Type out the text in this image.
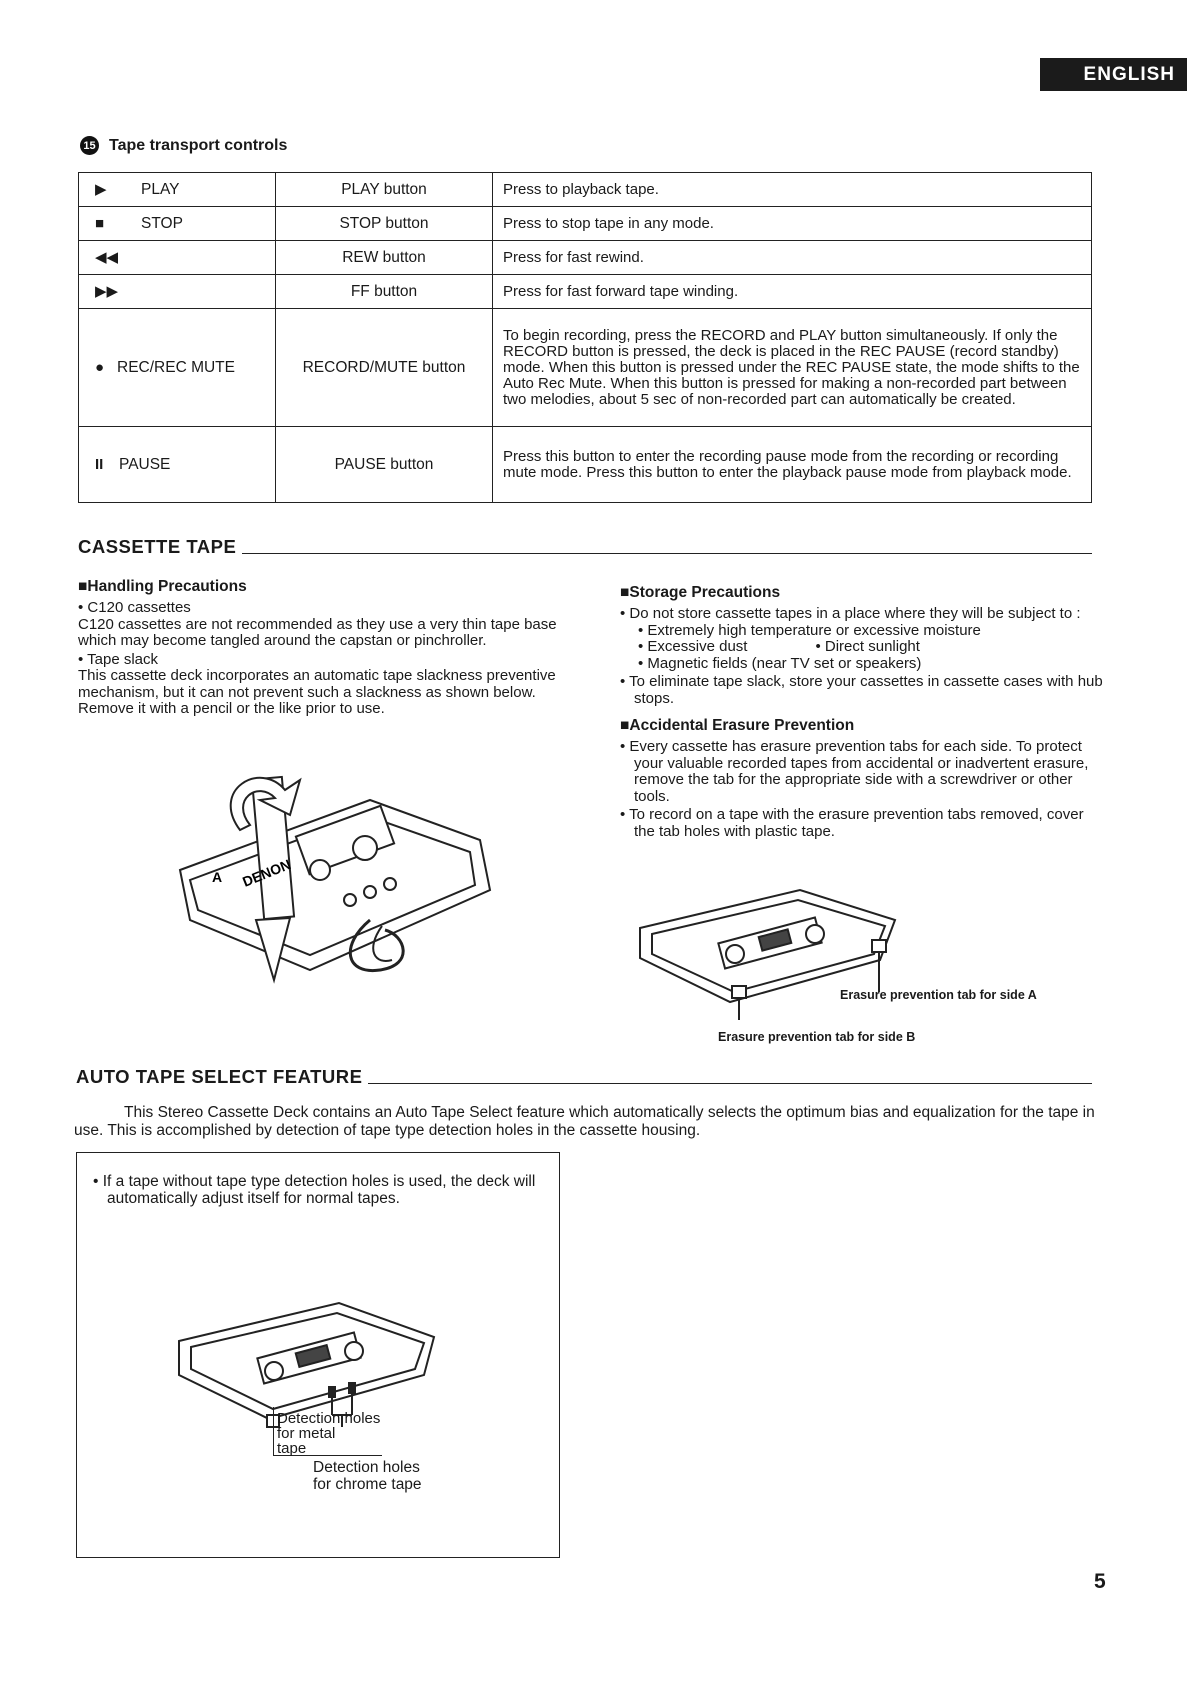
ENGLISH
15 Tape transport controls
▶ PLAY	PLAY button	Press to playback tape.
■ STOP	STOP button	Press to stop tape in any mode.
◀◀	REW button	Press for fast rewind.
▶▶	FF button	Press for fast forward tape winding.
● REC/REC MUTE	RECORD/MUTE button	To begin recording, press the RECORD and PLAY button simultaneously. If only the RECORD button is pressed, the deck is placed in the REC PAUSE (record standby) mode. When this button is pressed under the REC PAUSE state, the mode shifts to the Auto Rec Mute. When this button is pressed for making a non-recorded part between two melodies, about 5 sec of non-recorded part can automatically be created.
II PAUSE	PAUSE button	Press this button to enter the recording pause mode from the recording or recording mute mode. Press this button to enter the playback pause mode from playback mode.
CASSETTE TAPE
■Handling Precautions
• C120 cassettes
C120 cassettes are not recommended as they use a very thin tape base which may become tangled around the capstan or pinchroller.
• Tape slack
This cassette deck incorporates an automatic tape slackness preventive mechanism, but it can not prevent such a slackness as shown below. Remove it with a pencil or the like prior to use.
■Storage Precautions
• Do not store cassette tapes in a place where they will be subject to :
• Extremely high temperature or excessive moisture
• Excessive dust	• Direct sunlight
• Magnetic fields (near TV set or speakers)
• To eliminate tape slack, store your cassettes in cassette cases with hub stops.
■Accidental Erasure Prevention
• Every cassette has erasure prevention tabs for each side. To protect your valuable recorded tapes from accidental or inadvertent erasure, remove the tab for the appropriate side with a screwdriver or other tools.
• To record on a tape with the erasure prevention tabs removed, cover the tab holes with plastic tape.
DENON
A
Erasure prevention tab for side A
Erasure prevention tab for side B
AUTO TAPE SELECT FEATURE
This Stereo Cassette Deck contains an Auto Tape Select feature which automatically selects the optimum bias and equalization for the tape in use. This is accomplished by detection of tape type detection holes in the cassette housing.
• If a tape without tape type detection holes is used, the deck will automatically adjust itself for normal tapes.
Detection holes
for metal
tape
Detection holes
for chrome tape
5
